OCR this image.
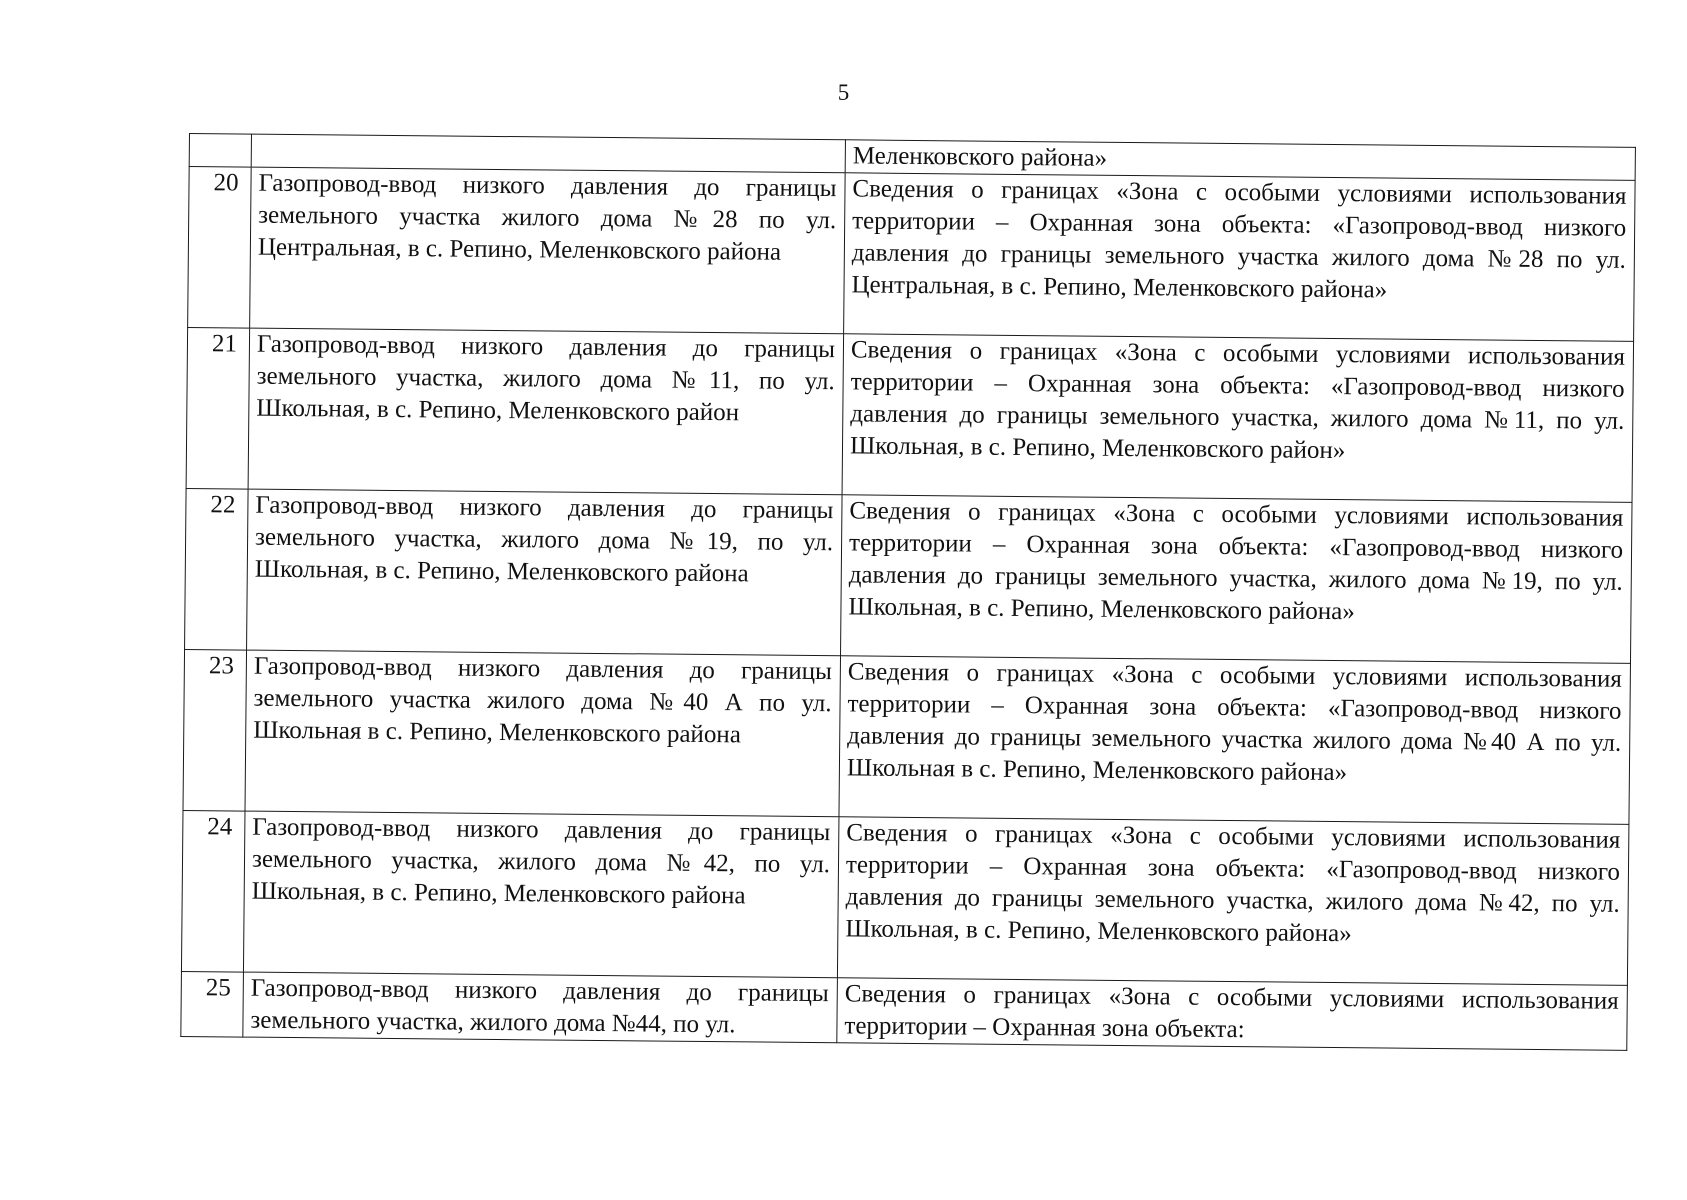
5
		Меленковского района»
20	Газопровод-ввод низкого давления до границы земельного участка жилого дома №28 по ул. Центральная, в с. Репино, Меленковского района	Сведения о границах «Зона с особыми условиями использования территории – Охранная зона объекта: «Газопровод-ввод низкого давления до границы земельного участка жилого дома №28 по ул. Центральная, в с. Репино, Меленковского района»
21	Газопровод-ввод низкого давления до границы земельного участка, жилого дома №11, по ул. Школьная, в с. Репино, Меленковского район	Сведения о границах «Зона с особыми условиями использования территории – Охранная зона объекта: «Газопровод-ввод низкого давления до границы земельного участка, жилого дома №11, по ул. Школьная, в с. Репино, Меленковского район»
22	Газопровод-ввод низкого давления до границы земельного участка, жилого дома №19, по ул. Школьная, в с. Репино, Меленковского района	Сведения о границах «Зона с особыми условиями использования территории – Охранная зона объекта: «Газопровод-ввод низкого давления до границы земельного участка, жилого дома №19, по ул. Школьная, в с. Репино, Меленковского района»
23	Газопровод-ввод низкого давления до границы земельного участка жилого дома №40 А по ул. Школьная в с. Репино, Меленковского района	Сведения о границах «Зона с особыми условиями использования территории – Охранная зона объекта: «Газопровод-ввод низкого давления до границы земельного участка жилого дома №40 А по ул. Школьная в с. Репино, Меленковского района»
24	Газопровод-ввод низкого давления до границы земельного участка, жилого дома №42, по ул. Школьная, в с. Репино, Меленковского района	Сведения о границах «Зона с особыми условиями использования территории – Охранная зона объекта: «Газопровод-ввод низкого давления до границы земельного участка, жилого дома №42, по ул. Школьная, в с. Репино, Меленковского района»
25	Газопровод-ввод низкого давления до границы земельного участка, жилого дома №44, по ул.	Сведения о границах «Зона с особыми условиями использования территории – Охранная зона объекта:
